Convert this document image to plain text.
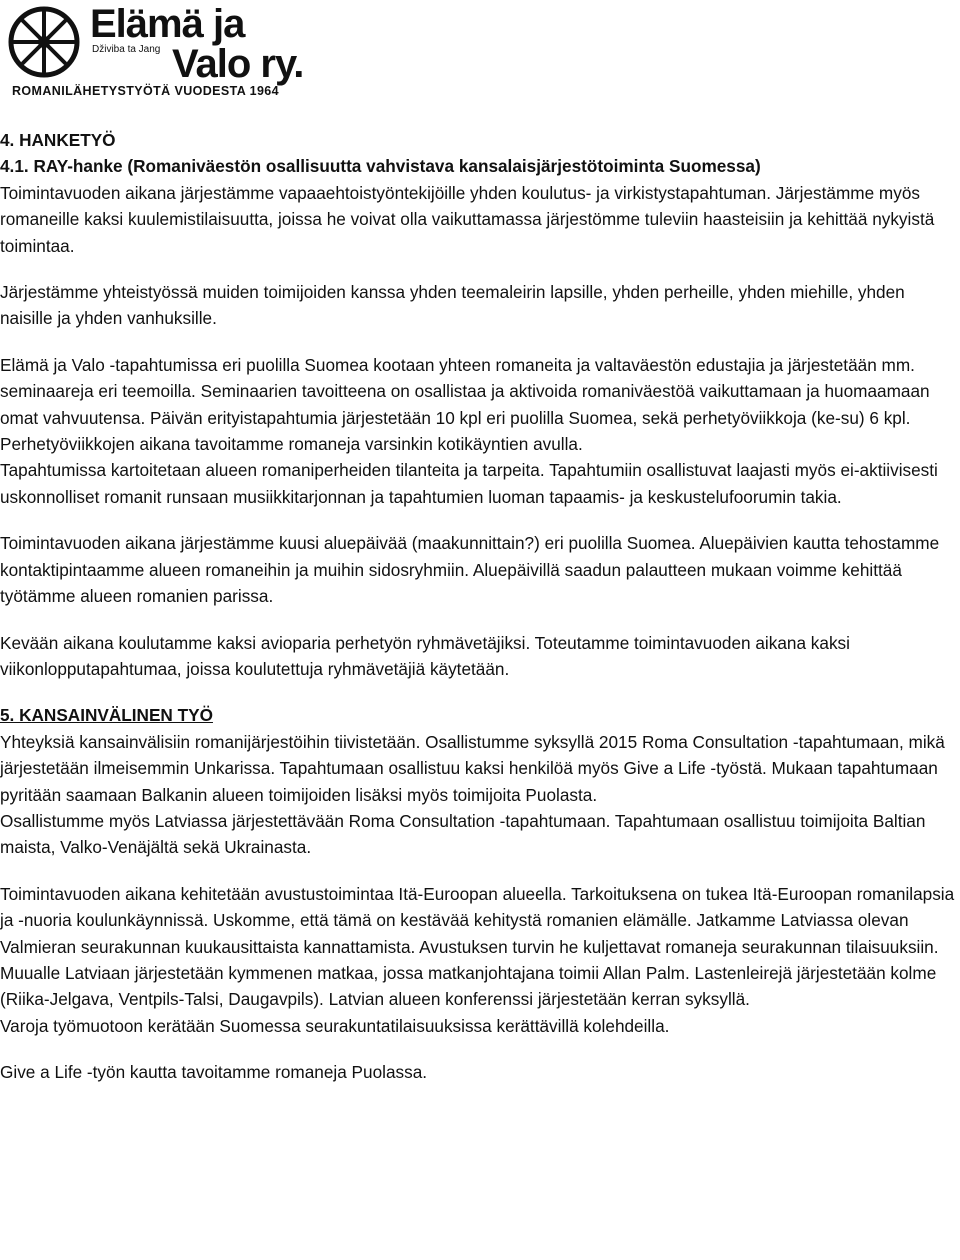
Elämä ja
Dživiba ta Jang Valo ry.
ROMANILÄHETYSTYÖTÄ VUODESTA 1964

4. HANKETYÖ

4.1. RAY-hanke (Romaniväestön osallisuutta vahvistava kansalaisjärjestötoiminta Suomessa)

Toimintavuoden aikana järjestämme vapaaehtoistyöntekijöille yhden koulutus- ja virkistystapahtuman. Järjestämme myös romaneille kaksi kuulemistilaisuutta, joissa he voivat olla vaikuttamassa järjestömme tuleviin haasteisiin ja kehittää nykyistä toimintaa.

Järjestämme yhteistyössä muiden toimijoiden kanssa yhden teemaleirin lapsille, yhden perheille, yhden miehille, yhden naisille ja yhden vanhuksille.

Elämä ja Valo -tapahtumissa eri puolilla Suomea kootaan yhteen romaneita ja valtaväestön edustajia ja järjestetään mm. seminaareja eri teemoilla. Seminaarien tavoitteena on osallistaa ja aktivoida romaniväestöä vaikuttamaan ja huomaamaan omat vahvuutensa. Päivän erityistapahtumia järjestetään 10 kpl eri puolilla Suomea, sekä perhetyöviikkoja (ke-su) 6 kpl. Perhetyöviikkojen aikana tavoitamme romaneja varsinkin kotikäyntien avulla.

Tapahtumissa kartoitetaan alueen romaniperheiden tilanteita ja tarpeita. Tapahtumiin osallistuvat laajasti myös ei-aktiivisesti uskonnolliset romanit runsaan musiikkitarjonnan ja tapahtumien luoman tapaamis- ja keskustelufoorumin takia.

Toimintavuoden aikana järjestämme kuusi aluepäivää (maakunnittain?) eri puolilla Suomea. Aluepäivien kautta tehostamme kontaktipintaamme alueen romaneihin ja muihin sidosryhmiin. Aluepäivillä saadun palautteen mukaan voimme kehittää työtämme alueen romanien parissa.

Kevään aikana koulutamme kaksi avioparia perhetyön ryhmävetäjiksi. Toteutamme toimintavuoden aikana kaksi viikonlopputapahtumaa, joissa koulutettuja ryhmävetäjiä käytetään.

5. KANSAINVÄLINEN TYÖ

Yhteyksiä kansainvälisiin romanijärjestöihin tiivistetään. Osallistumme syksyllä 2015 Roma Consultation -tapahtumaan, mikä järjestetään ilmeisemmin Unkarissa. Tapahtumaan osallistuu kaksi henkilöä myös Give a Life -työstä. Mukaan tapahtumaan pyritään saamaan Balkanin alueen toimijoiden lisäksi myös toimijoita Puolasta.

Osallistumme myös Latviassa järjestettävään Roma Consultation -tapahtumaan. Tapahtumaan osallistuu toimijoita Baltian maista, Valko-Venäjältä sekä Ukrainasta.

Toimintavuoden aikana kehitetään avustustoimintaa Itä-Euroopan alueella. Tarkoituksena on tukea Itä-Euroopan romanilapsia ja -nuoria koulunkäynnissä. Uskomme, että tämä on kestävää kehitystä romanien elämälle. Jatkamme Latviassa olevan Valmieran seurakunnan kuukausittaista kannattamista. Avustuksen turvin he kuljettavat romaneja seurakunnan tilaisuuksiin.

Muualle Latviaan järjestetään kymmenen matkaa, jossa matkanjohtajana toimii Allan Palm. Lastenleirejä järjestetään kolme (Riika-Jelgava, Ventpils-Talsi, Daugavpils). Latvian alueen konferenssi järjestetään kerran syksyllä.

Varoja työmuotoon kerätään Suomessa seurakuntatilaisuuksissa kerättävillä kolehdeilla.

Give a Life -työn kautta tavoitamme romaneja Puolassa.
